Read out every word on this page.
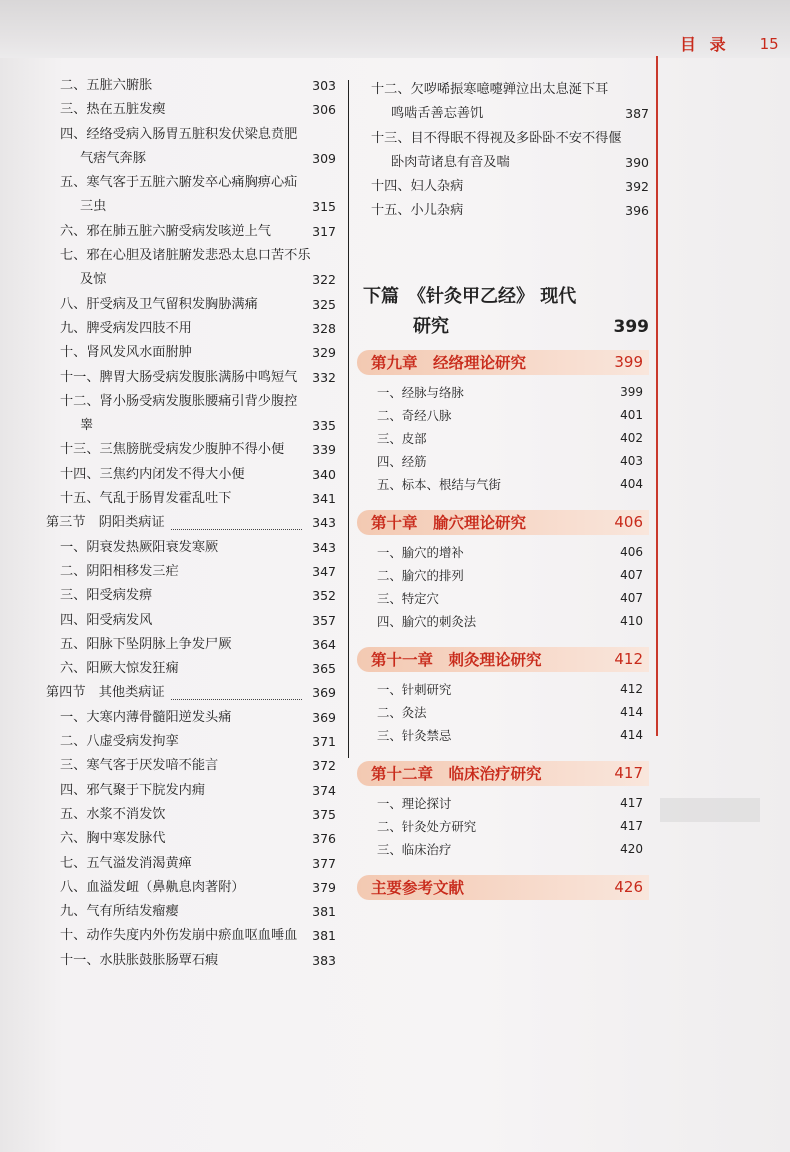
目 录 15
二、五脏六腑胀	303
三、热在五脏发瘈	306
四、经络受病入肠胃五脏积发伏梁息贲肥
气痞气奔豚	309
五、寒气客于五脏六腑发卒心痛胸痹心疝
三虫	315
六、邪在肺五脏六腑受病发咳逆上气	317
七、邪在心胆及诸脏腑发悲恐太息口苦不乐
及惊	322
八、肝受病及卫气留积发胸胁满痛	325
九、脾受病发四肢不用	328
十、肾风发风水面胕肿	329
十一、脾胃大肠受病发腹胀满肠中鸣短气	332
十二、肾小肠受病发腹胀腰痛引背少腹控
睾	335
十三、三焦膀胱受病发少腹肿不得小便	339
十四、三焦约内闭发不得大小便	340
十五、气乱于肠胃发霍乱吐下	341
第三节　阴阳类病证	343
一、阴衰发热厥阳衰发寒厥	343
二、阴阳相移发三疟	347
三、阳受病发痹	352
四、阳受病发风	357
五、阳脉下坠阴脉上争发尸厥	364
六、阳厥大惊发狂痫	365
第四节　其他类病证	369
一、大寒内薄骨髓阳逆发头痛	369
二、八虚受病发拘挛	371
三、寒气客于厌发喑不能言	372
四、邪气聚于下脘发内痈	374
五、水浆不消发饮	375
六、胸中寒发脉代	376
七、五气溢发消渴黄瘅	377
八、血溢发衄（鼻鼽息肉著附）	379
九、气有所结发瘤瘿	381
十、动作失度内外伤发崩中瘀血呕血唾血	381
十一、水肤胀鼓胀肠覃石瘕	383
十二、欠哕唏振寒噫嚏亸泣出太息涎下耳
鸣啮舌善忘善饥	387
十三、目不得眠不得视及多卧卧不安不得偃
卧肉苛诸息有音及喘	390
十四、妇人杂病	392
十五、小儿杂病	396
下篇　《针灸甲乙经》 现代
研究	399
第九章　经络理论研究	399
一、经脉与络脉	399
二、奇经八脉	401
三、皮部	402
四、经筋	403
五、标本、根结与气街	404
第十章　腧穴理论研究	406
一、腧穴的增补	406
二、腧穴的排列	407
三、特定穴	407
四、腧穴的刺灸法	410
第十一章　刺灸理论研究	412
一、针刺研究	412
二、灸法	414
三、针灸禁忌	414
第十二章　临床治疗研究	417
一、理论探讨	417
二、针灸处方研究	417
三、临床治疗	420
主要参考文献	426
